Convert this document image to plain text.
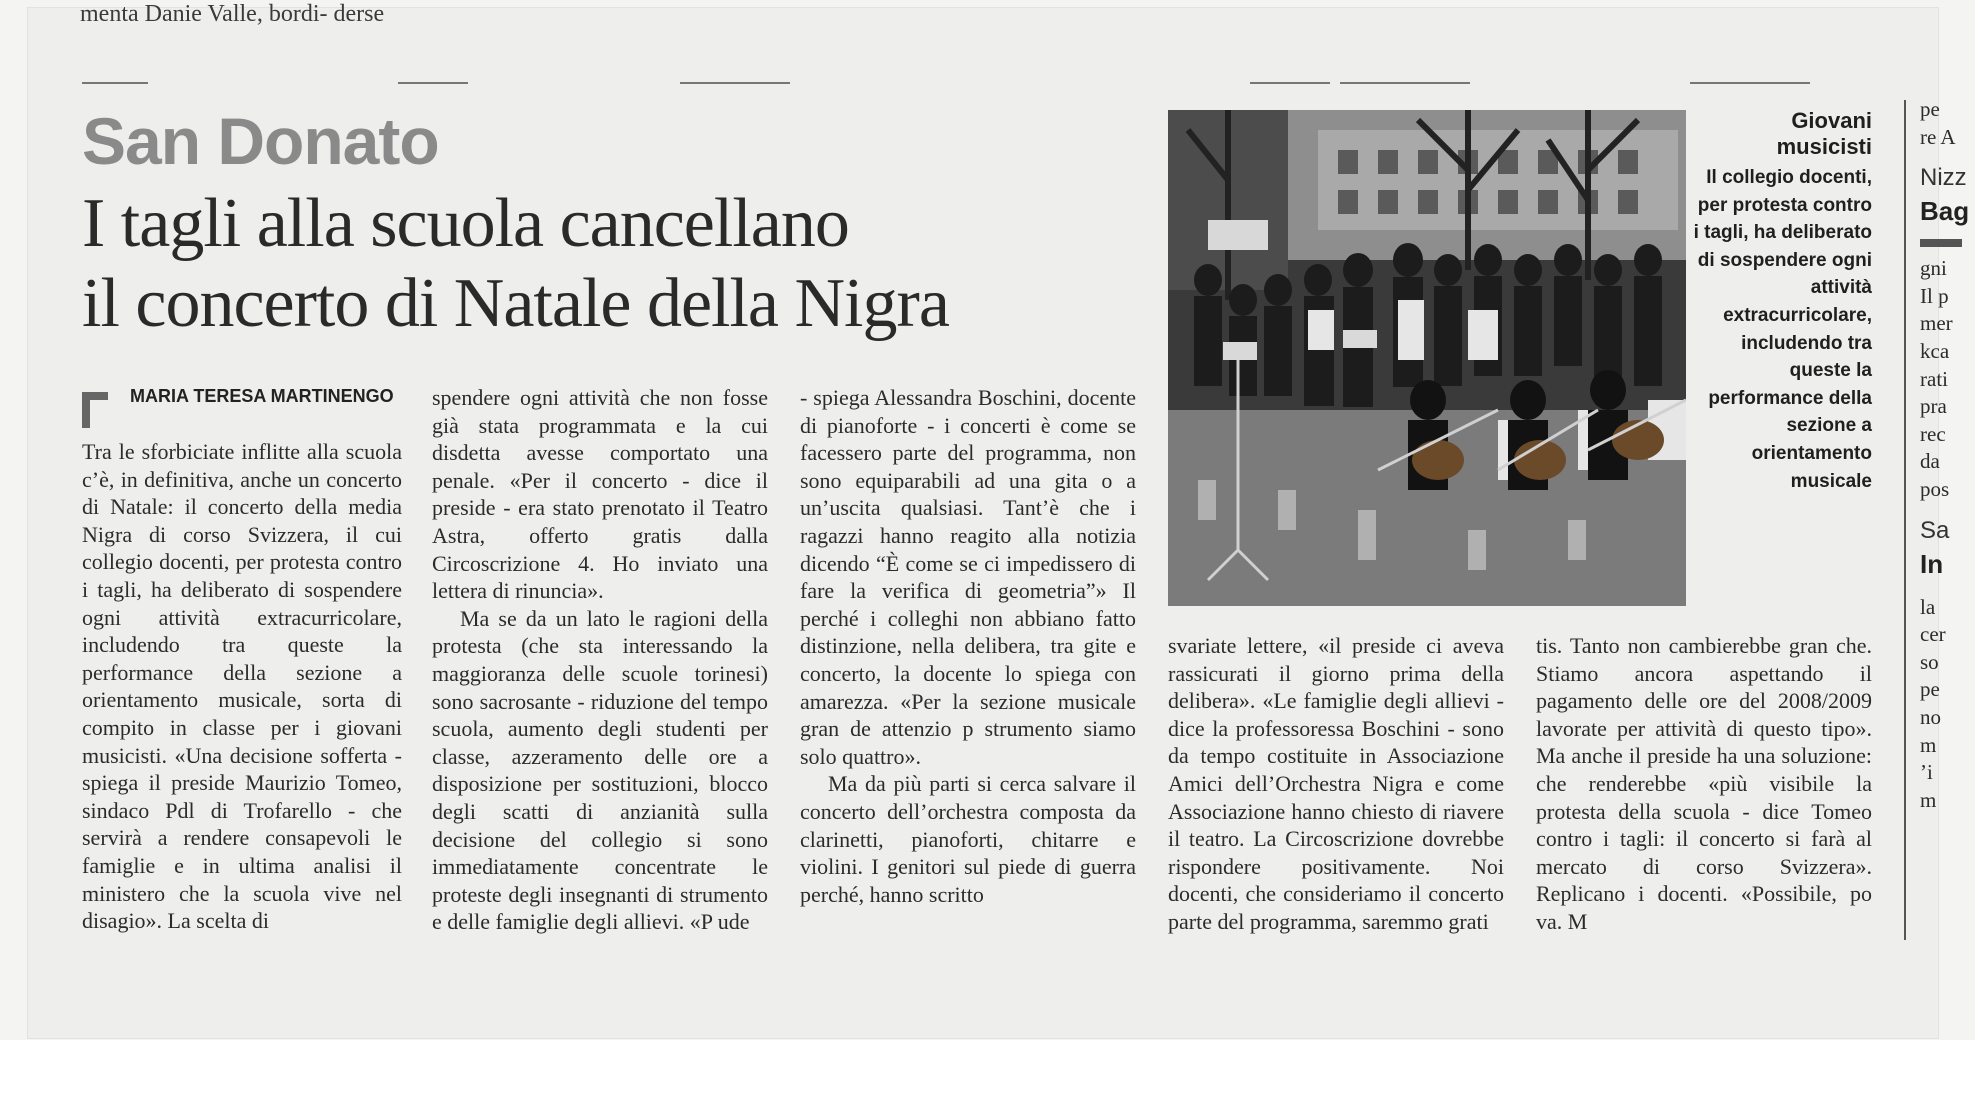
menta Danie Valle, bordi- derse
San Donato
I tagli alla scuola cancellano
il concerto di Natale della Nigra
MARIA TERESA MARTINENGO

Tra le sforbiciate inflitte alla scuola c’è, in definitiva, anche un concerto di Natale: il concerto della media Nigra di corso Svizzera, il cui collegio docenti, per protesta contro i tagli, ha deliberato di sospendere ogni attività extracurricolare, includendo tra queste la performance della sezione a orientamento musicale, sorta di compito in classe per i giovani musicisti. «Una decisione sofferta - spiega il preside Maurizio Tomeo, sindaco Pdl di Trofarello - che servirà a rendere consapevoli le famiglie e in ultima analisi il ministero che la scuola vive nel disagio». La scelta di

spendere ogni attività che non fosse già stata programmata e la cui disdetta avesse comportato una penale. «Per il concerto - dice il preside - era stato prenotato il Teatro Astra, offerto gratis dalla Circoscrizione 4. Ho inviato una lettera di rinuncia».

Ma se da un lato le ragioni della protesta (che sta interessando la maggioranza delle scuole torinesi) sono sacrosante - riduzione del tempo scuola, aumento degli studenti per classe, azzeramento delle ore a disposizione per sostituzioni, blocco degli scatti di anzianità sulla decisione del collegio si sono immediatamente concentrate le proteste degli insegnanti di strumento e delle famiglie degli allievi. «P ude

- spiega Alessandra Boschini, docente di pianoforte - i concerti è come se facessero parte del programma, non sono equiparabili ad una gita o a un’uscita qualsiasi. Tant’è che i ragazzi hanno reagito alla notizia dicendo “È come se ci impedissero di fare la verifica di geometria”» Il perché i colleghi non abbiano fatto distinzione, nella delibera, tra gite e concerto, la docente lo spiega con amarezza. «Per la sezione musicale gran de attenzio p strumento siamo solo quattro».

Ma da più parti si cerca salvare il concerto dell’orchestra composta da clarinetti, pianoforti, chitarre e violini. I genitori sul piede di guerra perché, hanno scritto

svariate lettere, «il preside ci aveva rassicurati il giorno prima della delibera». «Le famiglie degli allievi - dice la professoressa Boschini - sono da tempo costituite in Associazione Amici dell’Orchestra Nigra e come Associazione hanno chiesto di riavere il teatro. La Circoscrizione dovrebbe rispondere positivamente. Noi docenti, che consideriamo il concerto parte del programma, saremmo grati

tis. Tanto non cambierebbe gran che. Stiamo ancora aspettando il pagamento delle ore del 2008/2009 lavorate per attività di questo tipo». Ma anche il preside ha una soluzione: che renderebbe «più visibile la protesta della scuola - dice Tomeo contro i tagli: il concerto si farà al mercato di corso Svizzera». Replicano i docenti. «Possibile, po va. M

Giovani musicisti
Il collegio docenti, per protesta contro i tagli, ha deliberato di sospendere ogni attività extracurricolare, includendo tra queste la performance della sezione a orientamento musicale
pe
re A
Nizz
Bag
gni
Il p
mer
kca
rati
pra
rec
da
pos
Sa
In
la
cer
so
pe
no
m
’i
m
